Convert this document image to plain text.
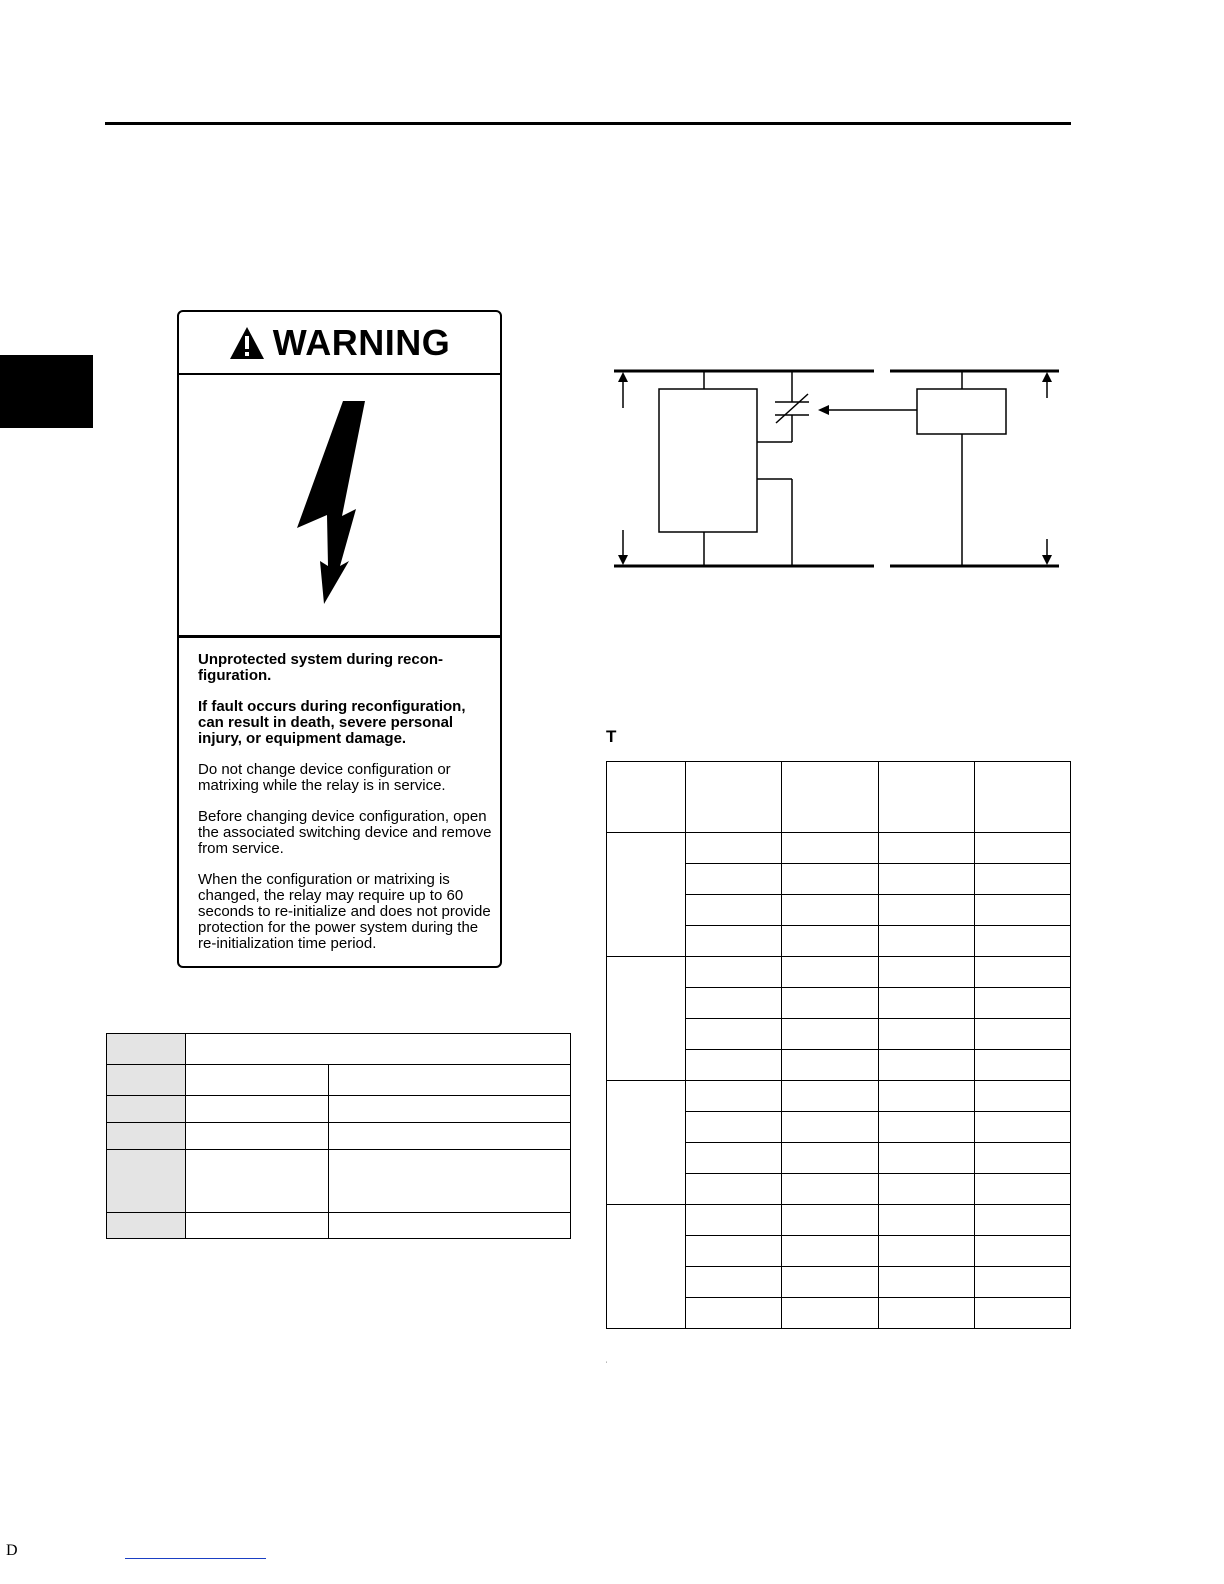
WARNING

Unprotected system during recon-figuration.

If fault occurs during reconfiguration, can result in death, severe personal injury, or equipment damage.

Do not change device configuration or matrixing while the relay is in service.

Before changing device configuration, open the associated switching device and remove from service.

When the configuration or matrixing is changed, the relay may require up to 60 seconds to re-initialize and does not provide protection for the power system during the re-initialization time period.

T

'
D
